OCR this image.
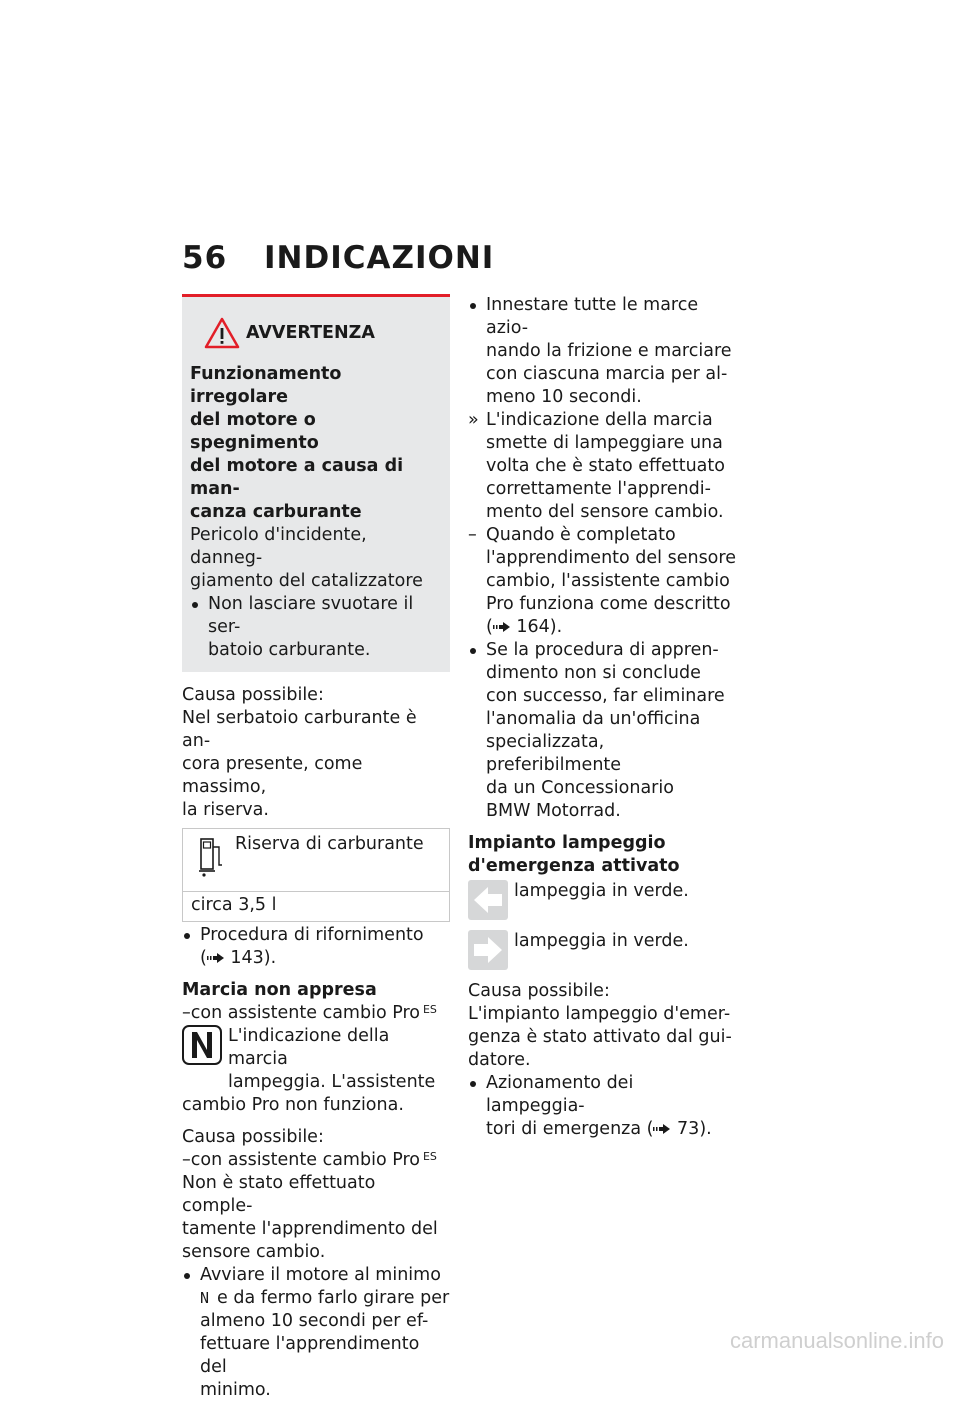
56 INDICAZIONI
AVVERTENZA

Funzionamento irregolare

del motore o spegnimento

del motore a causa di man-

canza carburante

Pericolo d'incidente, danneg-

giamento del catalizzatore

Non lasciare svuotare il ser-

batoio carburante.

Causa possibile:

Nel serbatoio carburante è an-

cora presente, come massimo,

la riserva.

Riserva di carburante
circa 3,5 l

Procedura di rifornimento

( 143).

Marcia non appresa

–con assistente cambio Pro $^{ES}$

L'indicazione della marcia

lampeggia. L'assistente

cambio Pro non funziona.

Causa possibile:

–con assistente cambio Pro $^{ES}$

Non è stato effettuato comple-

tamente l'apprendimento del

sensore cambio.

Avviare il motore al minimo

N e da fermo farlo girare per

almeno 10 secondi per ef-

fettuare l'apprendimento del

minimo.

Innestare tutte le marce azio-

nando la frizione e marciare

con ciascuna marcia per al-

meno 10 secondi.

» L'indicazione della marcia

smette di lampeggiare una

volta che è stato effettuato

correttamente l'apprendi-

mento del sensore cambio.

– Quando è completato

l'apprendimento del sensore

cambio, l'assistente cambio

Pro funziona come descritto

( 164).

Se la procedura di appren-

dimento non si conclude

con successo, far eliminare

l'anomalia da un'officina

specializzata, preferibilmente

da un Concessionario

BMW Motorrad.

Impianto lampeggio

d'emergenza attivato

lampeggia in verde.
lampeggia in verde.

Causa possibile:

L'impianto lampeggio d'emer-

genza è stato attivato dal gui-

datore.

Azionamento dei lampeggia-

tori di emergenza ( 73).

carmanualsonline.info
